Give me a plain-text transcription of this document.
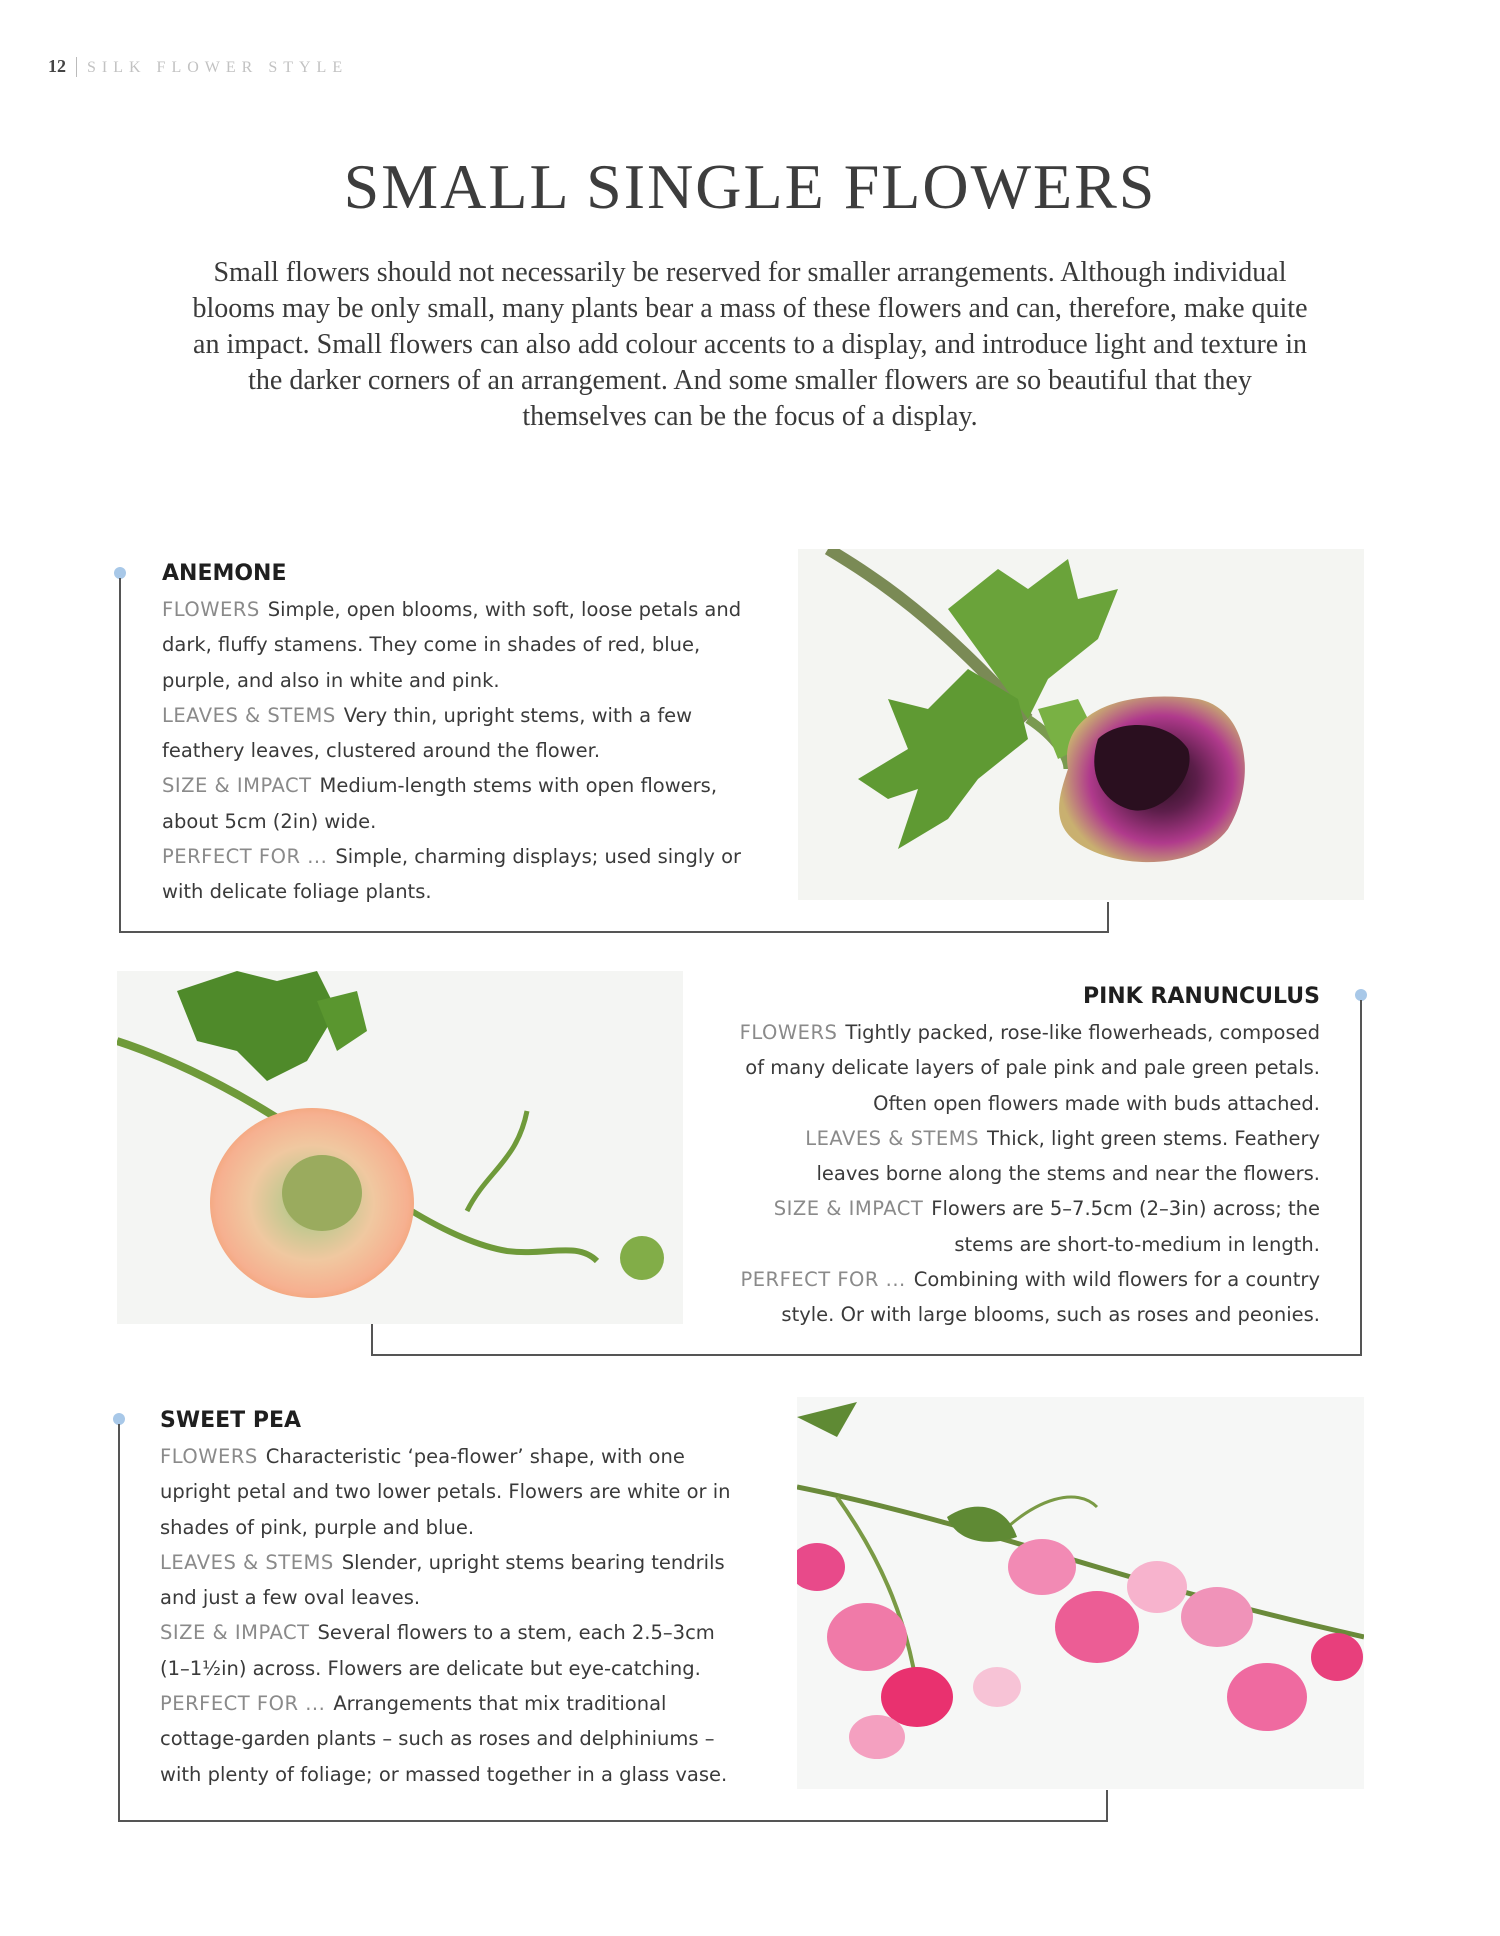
12 SILK FLOWER STYLE
SMALL SINGLE FLOWERS
Small flowers should not necessarily be reserved for smaller arrangements. Although individual blooms may be only small, many plants bear a mass of these flowers and can, therefore, make quite an impact. Small flowers can also add colour accents to a display, and introduce light and texture in the darker corners of an arrangement. And some smaller flowers are so beautiful that they themselves can be the focus of a display.
ANEMONE

FLOWERS Simple, open blooms, with soft, loose petals and dark, fluffy stamens. They come in shades of red, blue, purple, and also in white and pink.

LEAVES & STEMS Very thin, upright stems, with a few feathery leaves, clustered around the flower.

SIZE & IMPACT Medium-length stems with open flowers, about 5cm (2in) wide.

PERFECT FOR ... Simple, charming displays; used singly or with delicate foliage plants.

PINK RANUNCULUS

FLOWERS Tightly packed, rose-like flowerheads, composed of many delicate layers of pale pink and pale green petals. Often open flowers made with buds attached.

LEAVES & STEMS Thick, light green stems. Feathery leaves borne along the stems and near the flowers.

SIZE & IMPACT Flowers are 5–7.5cm (2–3in) across; the stems are short-to-medium in length.

PERFECT FOR ... Combining with wild flowers for a country style. Or with large blooms, such as roses and peonies.

SWEET PEA

FLOWERS Characteristic ‘pea-flower’ shape, with one upright petal and two lower petals. Flowers are white or in shades of pink, purple and blue.

LEAVES & STEMS Slender, upright stems bearing tendrils and just a few oval leaves.

SIZE & IMPACT Several flowers to a stem, each 2.5–3cm (1–1½in) across. Flowers are delicate but eye-catching.

PERFECT FOR ... Arrangements that mix traditional cottage-garden plants – such as roses and delphiniums – with plenty of foliage; or massed together in a glass vase.
